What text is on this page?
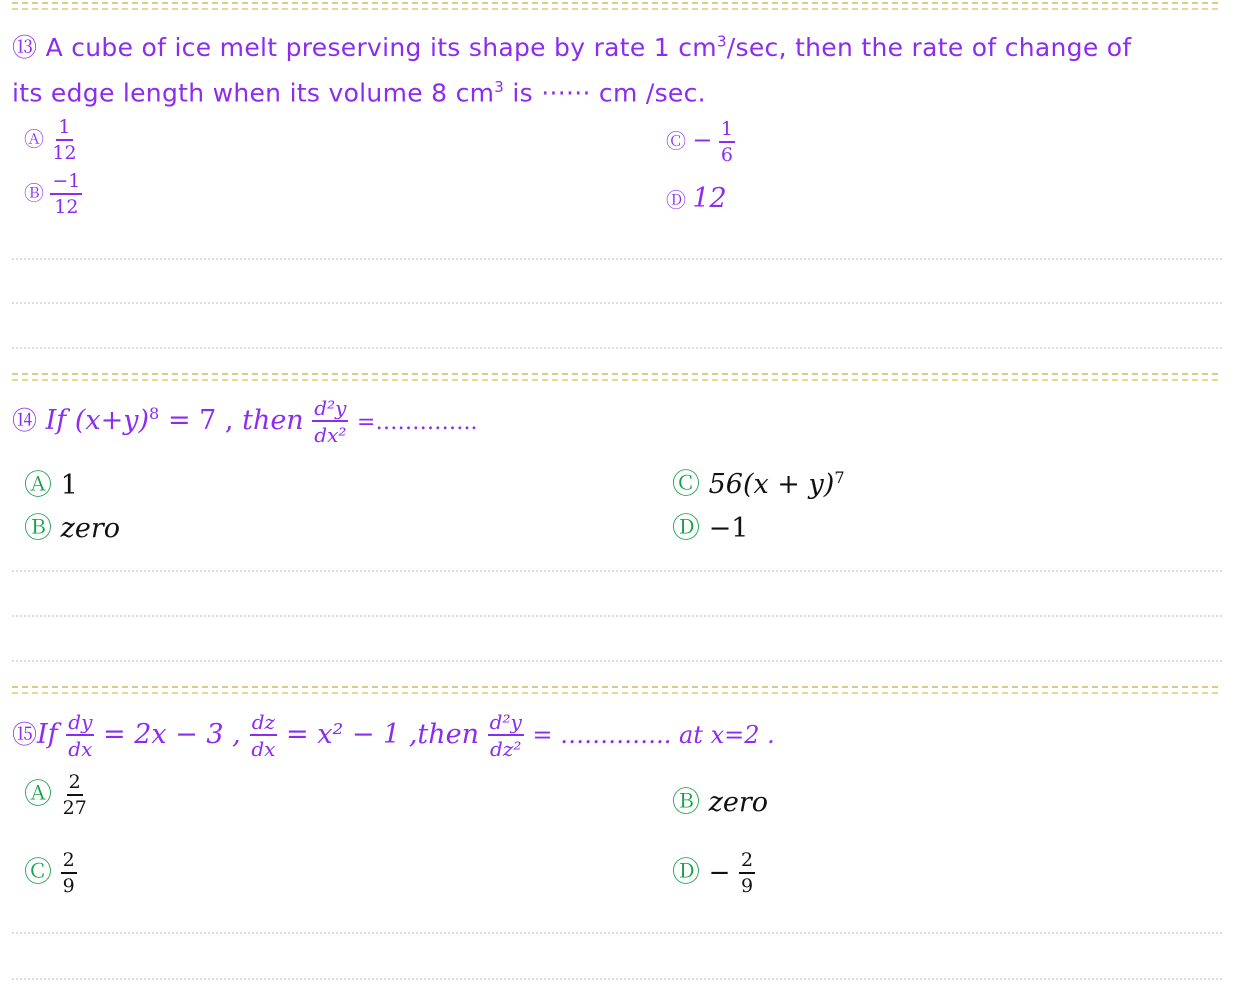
⑬ A cube of ice melt preserving its shape by rate 1 $cm^3/\sec$, then the rate of change of
its edge length when its volume 8 $cm^3$ is ······ cm /sec.
Ⓐ $\frac{1}{12}$
Ⓑ $\frac{-1}{12}$
Ⓒ − $\frac{1}{6}$
Ⓓ 12
⑭ If $(x+y)^8 = 7$ , then $\frac{\text{d²y}}{\text{dx²}}$ =…………..
Ⓐ 1
Ⓑ zero
Ⓒ $56(x + y)^7$
Ⓓ −1
⑮If $\frac{dy}{dx} = 2x - 3$ , $\frac{dz}{dx} = x^2 - 1$ ,then $\frac{\text{d²y}}{\text{dz²}}$ = ………….. at x=2 .
Ⓐ $\frac{2}{27}$	Ⓑ zero
Ⓒ $\frac{2}{9}$	Ⓓ − $\frac{2}{9}$
